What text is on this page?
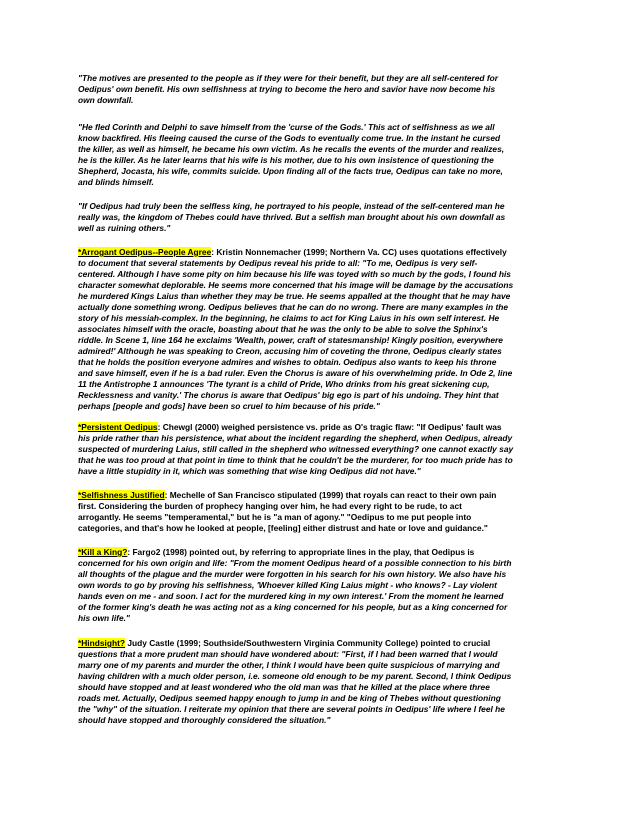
"The motives are presented to the people as if they were for their benefit, but they are all self-centered for
Oedipus' own benefit. His own selfishness at trying to become the hero and savior have now become his
own downfall.
"He fled Corinth and Delphi to save himself from the 'curse of the Gods.' This act of selfishness as we all
know backfired. His fleeing caused the curse of the Gods to eventually come true. In the instant he cursed
the killer, as well as himself, he became his own victim. As he recalls the events of the murder and realizes,
he is the killer. As he later learns that his wife is his mother, due to his own insistence of questioning the
Shepherd, Jocasta, his wife, commits suicide. Upon finding all of the facts true, Oedipus can take no more,
and blinds himself.
"If Oedipus had truly been the selfless king, he portrayed to his people, instead of the self-centered man he
really was, the kingdom of Thebes could have thrived. But a selfish man brought about his own downfall as
well as ruining others."
*Arrogant Oedipus--People Agree: Kristin Nonnemacher (1999; Northern Va. CC) uses quotations effectively
to document that several statements by Oedipus reveal his pride to all: "To me, Oedipus is very self-
centered. Although I have some pity on him because his life was toyed with so much by the gods, I found his
character somewhat deplorable. He seems more concerned that his image will be damage by the accusations
he murdered Kings Laius than whether they may be true. He seems appalled at the thought that he may have
actually done something wrong. Oedipus believes that he can do no wrong. There are many examples in the
story of his messiah-complex. In the beginning, he claims to act for King Laius in his own self interest. He
associates himself with the oracle, boasting about that he was the only to be able to solve the Sphinx's
riddle. In Scene 1, line 164 he exclaims 'Wealth, power, craft of statesmanship! Kingly position, everywhere
admired!' Although he was speaking to Creon, accusing him of coveting the throne, Oedipus clearly states
that he holds the position everyone admires and wishes to obtain. Oedipus also wants to keep his throne
and save himself, even if he is a bad ruler. Even the Chorus is aware of his overwhelming pride. In Ode 2, line
11 the Antistrophe 1 announces 'The tyrant is a child of Pride, Who drinks from his great sickening cup,
Recklessness and vanity.' The chorus is aware that Oedipus' big ego is part of his undoing. They hint that
perhaps [people and gods] have been so cruel to him because of his pride."
*Persistent Oedipus: Chewgl (2000) weighed persistence vs. pride as O's tragic flaw: "If Oedipus' fault was
his pride rather than his persistence, what about the incident regarding the shepherd, when Oedipus, already
suspected of murdering Laius, still called in the shepherd who witnessed everything? one cannot exactly say
that he was too proud at that point in time to think that he couldn't be the murderer, for too much pride has to
have a little stupidity in it, which was something that wise king Oedipus did not have."
*Selfishness Justified: Mechelle of San Francisco stipulated (1999) that royals can react to their own pain
first. Considering the burden of prophecy hanging over him, he had every right to be rude, to act
arrogantly. He seems "temperamental," but he is "a man of agony." "Oedipus to me put people into
categories, and that's how he looked at people, [feeling] either distrust and hate or love and guidance."
*Kill a King?: Fargo2 (1998) pointed out, by referring to appropriate lines in the play, that Oedipus is
concerned for his own origin and life: "From the moment Oedipus heard of a possible connection to his birth
all thoughts of the plague and the murder were forgotten in his search for his own history. We also have his
own words to go by proving his selfishness, 'Whoever killed King Laius might - who knows? - Lay violent
hands even on me - and soon. I act for the murdered king in my own interest.' From the moment he learned
of the former king's death he was acting not as a king concerned for his people, but as a king concerned for
his own life."
*Hindsight? Judy Castle (1999; Southside/Southwestern Virginia Community College) pointed to crucial
questions that a more prudent man should have wondered about: "First, if I had been warned that I would
marry one of my parents and murder the other, I think I would have been quite suspicious of marrying and
having children with a much older person, i.e. someone old enough to be my parent. Second, I think Oedipus
should have stopped and at least wondered who the old man was that he killed at the place where three
roads met. Actually, Oedipus seemed happy enough to jump in and be king of Thebes without questioning
the "why" of the situation. I reiterate my opinion that there are several points in Oedipus' life where I feel he
should have stopped and thoroughly considered the situation."
